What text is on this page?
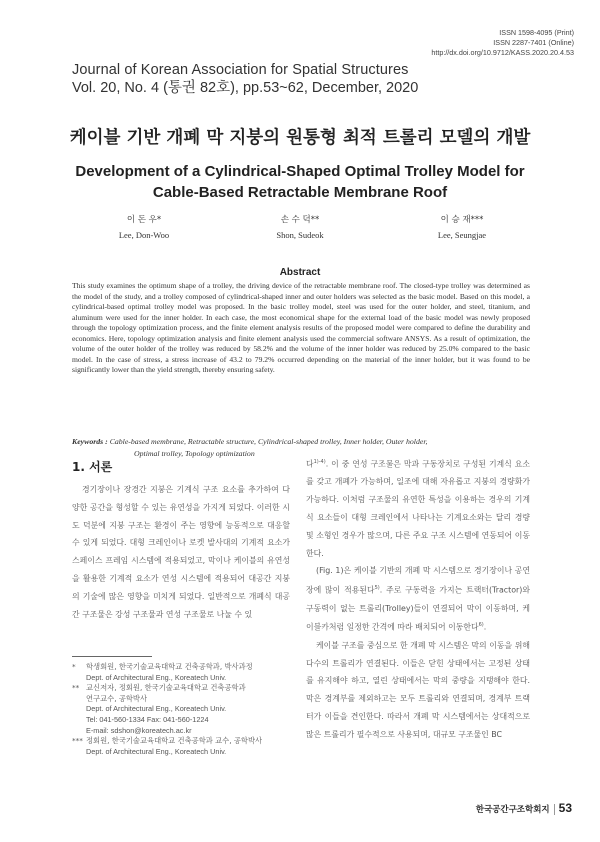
ISSN 1598-4095 (Print)
ISSN 2287-7401 (Online)
http://dx.doi.org/10.9712/KASS.2020.20.4.53
Journal of Korean Association for Spatial Structures
Vol. 20, No. 4 (통권 82호), pp.53~62, December, 2020
케이블 기반 개폐 막 지붕의 원통형 최적 트롤리 모델의 개발
Development of a Cylindrical-Shaped Optimal Trolley Model for Cable-Based Retractable Membrane Roof
이 돈 우*
Lee, Don-Woo
손 수 덕**
Shon, Sudeok
이 승 재***
Lee, Seungjae
Abstract
This study examines the optimum shape of a trolley, the driving device of the retractable membrane roof. The closed-type trolley was determined as the model of the study, and a trolley composed of cylindrical-shaped inner and outer holders was selected as the basic model. Based on this model, a cylindrical-based optimal trolley model was proposed. In the basic trolley model, steel was used for the outer holder, and steel, titanium, and aluminum were used for the inner holder. In each case, the most economical shape for the external load of the basic model was newly proposed through the topology optimization process, and the finite element analysis results of the proposed model were compared to define the durability and economics. Here, topology optimization analysis and finite element analysis used the commercial software ANSYS. As a result of optimization, the volume of the outer holder of the trolley was reduced by 58.2% and the volume of the inner holder was reduced by 25.0% compared to the basic model. In the case of stress, a stress increase of 43.2 to 79.2% occurred depending on the material of the inner holder, but it was found to be significantly lower than the yield strength, thereby ensuring safety.
Keywords : Cable-based membrane, Retractable structure, Cylindrical-shaped trolley, Inner holder, Outer holder,
Optimal trolley, Topology optimization
1. 서론

경기장이나 장경간 지붕은 기계식 구조 요소를 추가하여 다양한 공간을 형성할 수 있는 유연성을 가지게 되었다. 이러한 시도 덕분에 지붕 구조는 환경이 주는 영향에 능동적으로 대응할 수 있게 되었다. 대형 크레인이나 로켓 발사대의 기계적 요소가 스페이스 프레임 시스템에 적용되었고, 막이나 케이블의 유연성을 활용한 기계적 요소가 연성 시스템에 적용되어 대공간 지붕의 기술에 많은 영향을 미치게 되었다. 일반적으로 개폐식 대공간 구조물은 강성 구조물과 연성 구조물로 나눌 수 있

다$^{1)-4)}$. 이 중 연성 구조물은 막과 구동장치로 구성된 기계식 요소를 갖고 개폐가 가능하며, 일조에 대해 자유롭고 지붕의 경량화가 가능하다. 이처럼 구조물의 유연한 특성을 이용하는 경우의 기계식 요소들이 대형 크레인에서 나타나는 기계요소와는 달리 경량 및 소형인 경우가 많으며, 다른 주요 구조 시스템에 연동되어 이동한다.

(Fig. 1)은 케이블 기반의 개폐 막 시스템으로 경기장이나 공연장에 많이 적용된다$^{5)}$. 주로 구동력을 가지는 트랙터(Tractor)와 구동력이 없는 트롤리(Trolley)들이 연결되어 막이 이동하며, 케이블카처럼 일정한 간격에 따라 배치되어 이동한다$^{6)}$.

케이블 구조를 중심으로 한 개폐 막 시스템은 막의 이동을 위해 다수의 트롤리가 연결된다. 이들은 닫힌 상태에서는 고정된 상태를 유지해야 하고, 열린 상태에서는 막의 중량을 지탱해야 한다. 막은 경계부를 제외하고는 모두 트롤리와 연결되며, 경계부 트랙터가 이들을 견인한다. 따라서 개폐 막 시스템에서는 상대적으로 많은 트롤리가 필수적으로 사용되며, 대규모 구조물인 BC

*	학생회원, 한국기술교육대학교 건축공학과, 박사과정
Dept. of Architectural Eng., Koreatech Univ.
** 교신저자, 정회원, 한국기술교육대학교 건축공학과
연구교수, 공학박사
Dept. of Architectural Eng., Koreatech Univ.
Tel: 041-560-1334 Fax: 041-560-1224
E-mail: sdshon@koreatech.ac.kr
*** 정회원, 한국기술교육대학교 건축공학과 교수, 공학박사
Dept. of Architectural Eng., Koreatech Univ.
한국공간구조학회지 53
